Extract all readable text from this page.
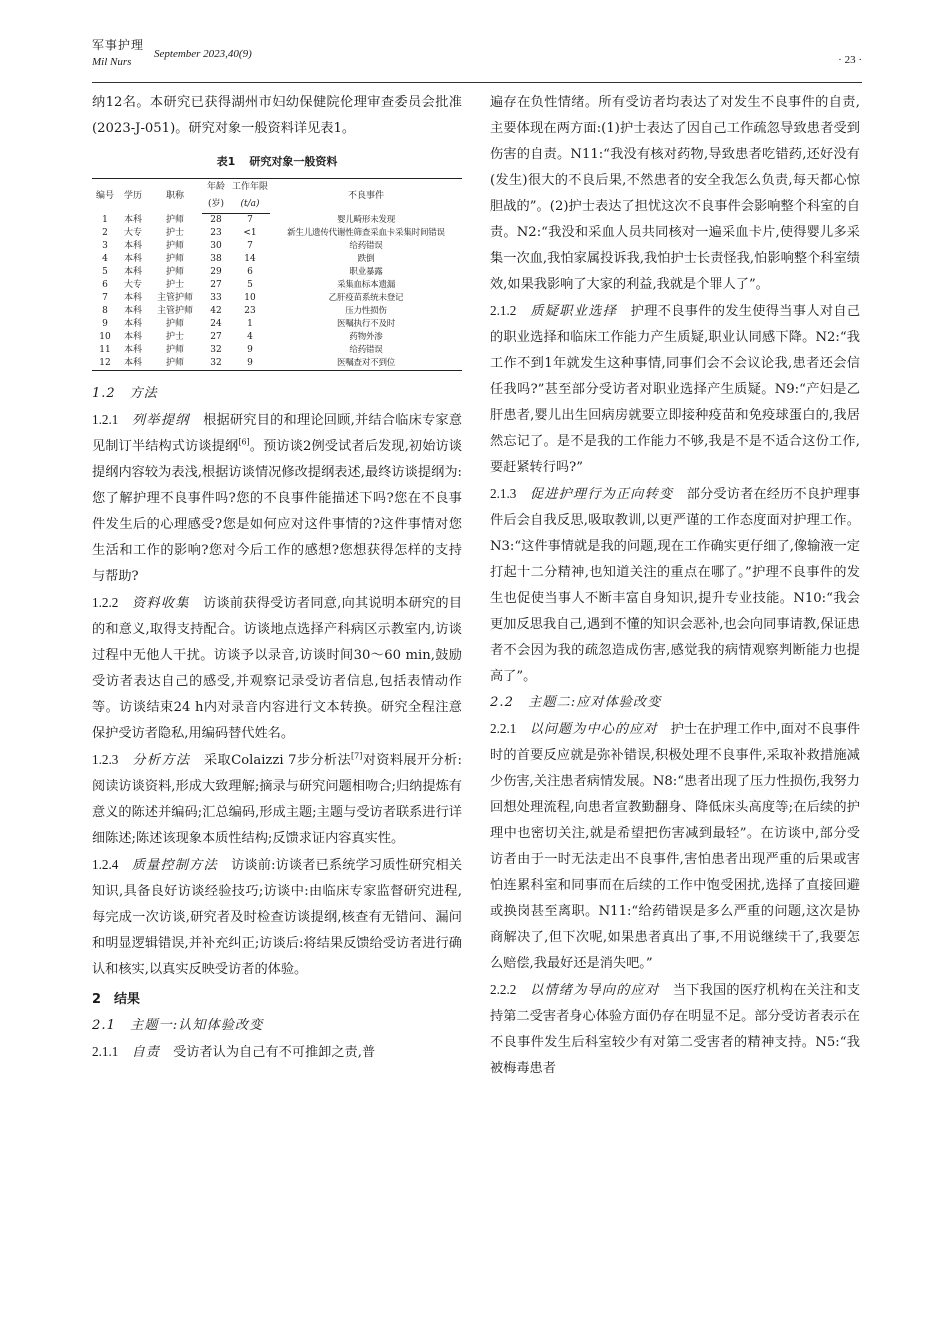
军事护理
Mil Nurs
September 2023,40(9)	· 23 ·

纳12名。本研究已获得湖州市妇幼保健院伦理审查委员会批准(2023-J-051)。研究对象一般资料详见表1。

表1 研究对象一般资料
编号	学历	职称	年龄	工作年限	不良事件
			(岁)	(t/a)	
1	本科	护师	28	7	婴儿畸形未发现
2	大专	护士	23	<1	新生儿遗传代谢性筛查采血卡采集时间错误
3	本科	护师	30	7	给药错误
4	本科	护师	38	14	跌倒
5	本科	护师	29	6	职业暴露
6	大专	护士	27	5	采集血标本遗漏
7	本科	主管护师	33	10	乙肝疫苗系统未登记
8	本科	主管护师	42	23	压力性损伤
9	本科	护师	24	1	医嘱执行不及时
10	本科	护士	27	4	药物外渗
11	本科	护师	32	9	给药错误
12	本科	护师	32	9	医嘱查对不到位

1.2　方法

1.2.1　 列举提纲　 根据研究目的和理论回顾,并结合临床专家意见制订半结构式访谈提纲[6]。预访谈2例受试者后发现,初始访谈提纲内容较为表浅,根据访谈情况修改提纲表述,最终访谈提纲为:您了解护理不良事件吗?您的不良事件能描述下吗?您在不良事件发生后的心理感受?您是如何应对这件事情的?这件事情对您生活和工作的影响?您对今后工作的感想?您想获得怎样的支持与帮助?

1.2.2　 资料收集　 访谈前获得受访者同意,向其说明本研究的目的和意义,取得支持配合。访谈地点选择产科病区示教室内,访谈过程中无他人干扰。访谈予以录音,访谈时间30～60 min,鼓励受访者表达自己的感受,并观察记录受访者信息,包括表情动作等。访谈结束24 h内对录音内容进行文本转换。研究全程注意保护受访者隐私,用编码替代姓名。

1.2.3　 分析方法　 采取Colaizzi 7步分析法[7]对资料展开分析:阅读访谈资料,形成大致理解;摘录与研究问题相吻合;归纳提炼有意义的陈述并编码;汇总编码,形成主题;主题与受访者联系进行详细陈述;陈述该现象本质性结构;反馈求证内容真实性。

1.2.4　 质量控制方法　 访谈前:访谈者已系统学习质性研究相关知识,具备良好访谈经验技巧;访谈中:由临床专家监督研究进程,每完成一次访谈,研究者及时检查访谈提纲,核查有无错问、漏问和明显逻辑错误,并补充纠正;访谈后:将结果反馈给受访者进行确认和核实,以真实反映受访者的体验。

2　结果

2.1　主题一:认知体验改变

2.1.1　 自责　 受访者认为自己有不可推卸之责,普

遍存在负性情绪。所有受访者均表达了对发生不良事件的自责,主要体现在两方面:(1)护士表达了因自己工作疏忽导致患者受到伤害的自责。N11:“我没有核对药物,导致患者吃错药,还好没有(发生)很大的不良后果,不然患者的安全我怎么负责,每天都心惊胆战的”。(2)护士表达了担忧这次不良事件会影响整个科室的自责。N2:“我没和采血人员共同核对一遍采血卡片,使得婴儿多采集一次血,我怕家属投诉我,我怕护士长责怪我,怕影响整个科室绩效,如果我影响了大家的利益,我就是个罪人了”。

2.1.2　 质疑职业选择　 护理不良事件的发生使得当事人对自己的职业选择和临床工作能力产生质疑,职业认同感下降。N2:“我工作不到1年就发生这种事情,同事们会不会议论我,患者还会信任我吗?”甚至部分受访者对职业选择产生质疑。N9:“产妇是乙肝患者,婴儿出生回病房就要立即接种疫苗和免疫球蛋白的,我居然忘记了。是不是我的工作能力不够,我是不是不适合这份工作,要赶紧转行吗?”

2.1.3　 促进护理行为正向转变　 部分受访者在经历不良护理事件后会自我反思,吸取教训,以更严谨的工作态度面对护理工作。N3:“这件事情就是我的问题,现在工作确实更仔细了,像输液一定打起十二分精神,也知道关注的重点在哪了。”护理不良事件的发生也促使当事人不断丰富自身知识,提升专业技能。N10:“我会更加反思我自己,遇到不懂的知识会恶补,也会向同事请教,保证患者不会因为我的疏忽造成伤害,感觉我的病情观察判断能力也提高了”。

2.2　主题二:应对体验改变

2.2.1　 以问题为中心的应对　 护士在护理工作中,面对不良事件时的首要反应就是弥补错误,积极处理不良事件,采取补救措施减少伤害,关注患者病情发展。N8:“患者出现了压力性损伤,我努力回想处理流程,向患者宣教勤翻身、降低床头高度等;在后续的护理中也密切关注,就是希望把伤害减到最轻”。在访谈中,部分受访者由于一时无法走出不良事件,害怕患者出现严重的后果或害怕连累科室和同事而在后续的工作中饱受困扰,选择了直接回避或换岗甚至离职。N11:“给药错误是多么严重的问题,这次是协商解决了,但下次呢,如果患者真出了事,不用说继续干了,我要怎么赔偿,我最好还是消失吧。”

2.2.2　 以情绪为导向的应对　 当下我国的医疗机构在关注和支持第二受害者身心体验方面仍存在明显不足。部分受访者表示在不良事件发生后科室较少有对第二受害者的精神支持。N5:“我被梅毒患者
